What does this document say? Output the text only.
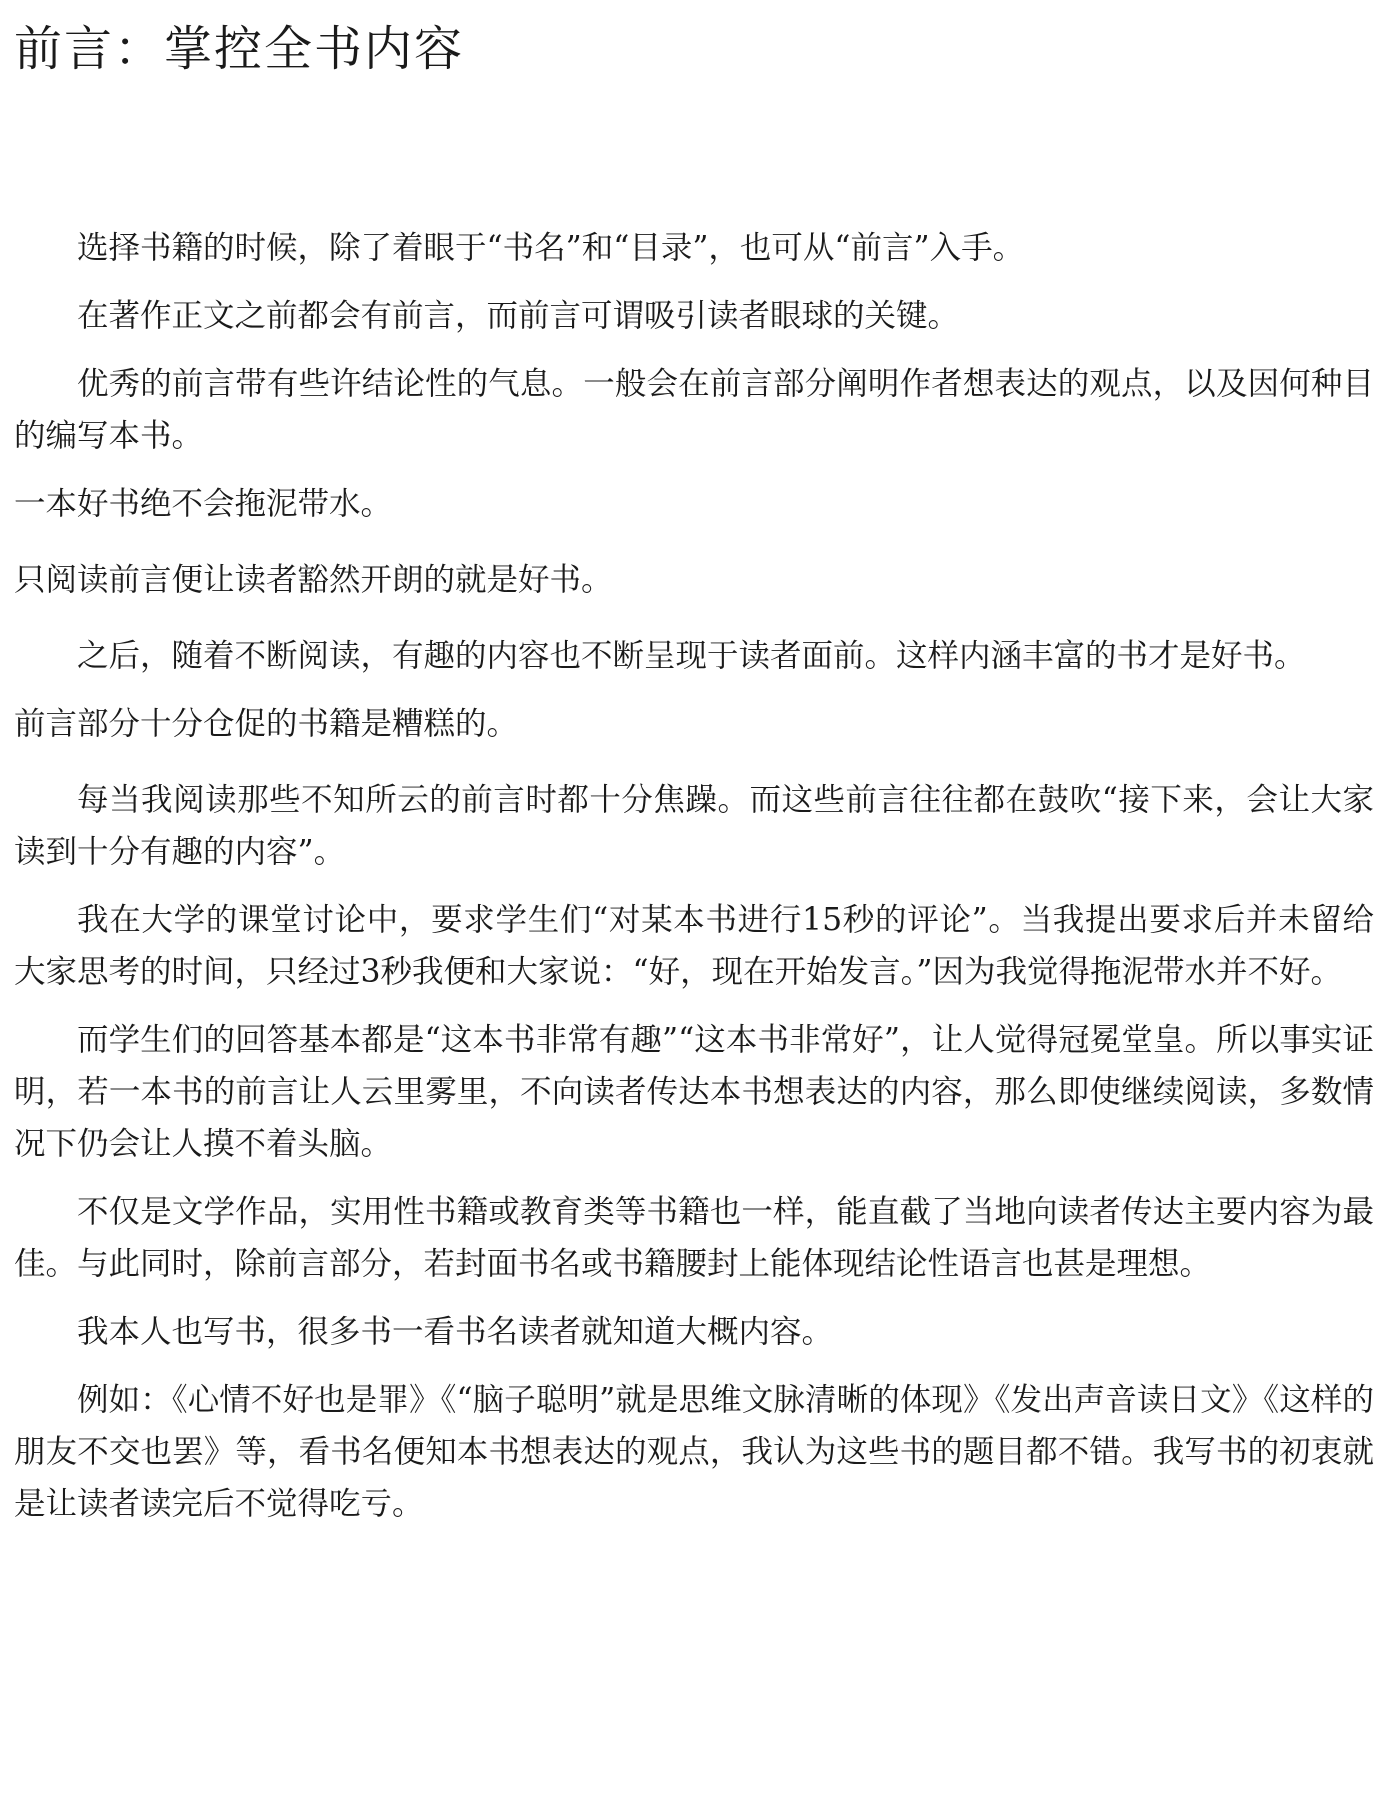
前言：掌控全书内容

选择书籍的时候，除了着眼于“书名”和“目录”，也可从“前言”入手。

在著作正文之前都会有前言，而前言可谓吸引读者眼球的关键。

优秀的前言带有些许结论性的气息。一般会在前言部分阐明作者想表达的观点，以及因何种目的编写本书。

一本好书绝不会拖泥带水。

只阅读前言便让读者豁然开朗的就是好书。

之后，随着不断阅读，有趣的内容也不断呈现于读者面前。这样内涵丰富的书才是好书。

前言部分十分仓促的书籍是糟糕的。

每当我阅读那些不知所云的前言时都十分焦躁。而这些前言往往都在鼓吹“接下来，会让大家读到十分有趣的内容”。

我在大学的课堂讨论中，要求学生们“对某本书进行15秒的评论”。当我提出要求后并未留给大家思考的时间，只经过3秒我便和大家说：“好，现在开始发言。”因为我觉得拖泥带水并不好。

而学生们的回答基本都是“这本书非常有趣”“这本书非常好”，让人觉得冠冕堂皇。所以事实证明，若一本书的前言让人云里雾里，不向读者传达本书想表达的内容，那么即使继续阅读，多数情况下仍会让人摸不着头脑。

不仅是文学作品，实用性书籍或教育类等书籍也一样，能直截了当地向读者传达主要内容为最佳。与此同时，除前言部分，若封面书名或书籍腰封上能体现结论性语言也甚是理想。

我本人也写书，很多书一看书名读者就知道大概内容。

例如：《心情不好也是罪》《“脑子聪明”就是思维文脉清晰的体现》《发出声音读日文》《这样的朋友不交也罢》等，看书名便知本书想表达的观点，我认为这些书的题目都不错。我写书的初衷就是让读者读完后不觉得吃亏。
